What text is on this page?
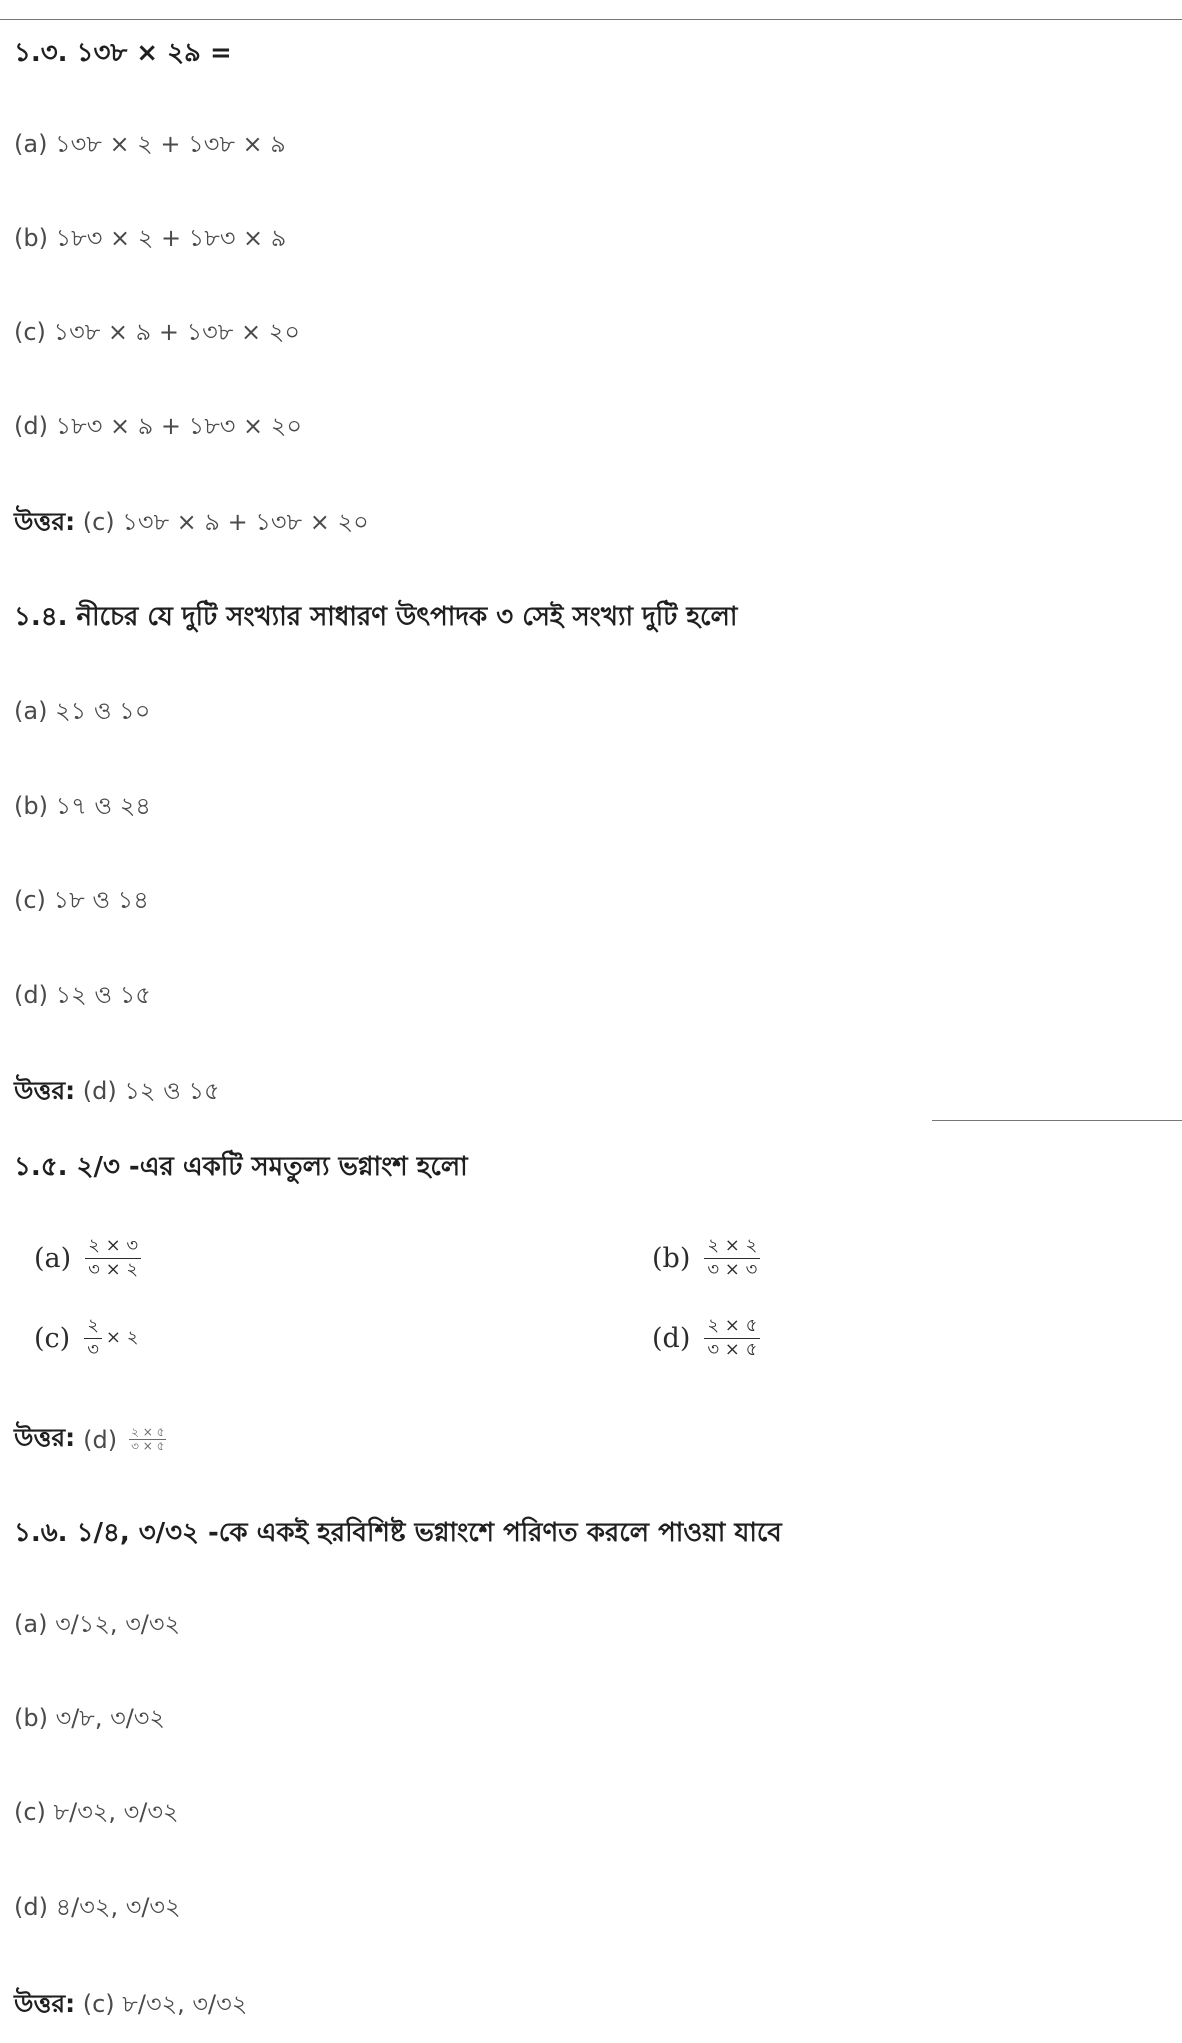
১.৩. ১৩৮ × ২৯ =
(a) ১৩৮ × ২ + ১৩৮ × ৯
(b) ১৮৩ × ২ + ১৮৩ × ৯
(c) ১৩৮ × ৯ + ১৩৮ × ২০
(d) ১৮৩ × ৯ + ১৮৩ × ২০
উত্তর: (c) ১৩৮ × ৯ + ১৩৮ × ২০
১.৪. নীচের যে দুটি সংখ্যার সাধারণ উৎপাদক ৩ সেই সংখ্যা দুটি হলো
(a) ২১ ও ১০
(b) ১৭ ও ২৪
(c) ১৮ ও ১৪
(d) ১২ ও ১৫
উত্তর: (d) ১২ ও ১৫
১.৫. ২/৩ -এর একটি সমতুল্য ভগ্নাংশ হলো
$(a) \frac{২ \times ৩}{৩ \times ২}$	$(b) \frac{২ \times ২}{৩ \times ৩}$
$(c) \frac{২}{৩}$ × ২	$(d) \frac{২ \times ৫}{৩ \times ৫}$
উত্তর: $(d) \frac{২ \times ৫}{৩ \times ৫}$
১.৬. ১/৪, ৩/৩২ -কে একই হরবিশিষ্ট ভগ্নাংশে পরিণত করলে পাওয়া যাবে
(a) ৩/১২, ৩/৩২
(b) ৩/৮, ৩/৩২
(c) ৮/৩২, ৩/৩২
(d) ৪/৩২, ৩/৩২
উত্তর: (c) ৮/৩২, ৩/৩২
